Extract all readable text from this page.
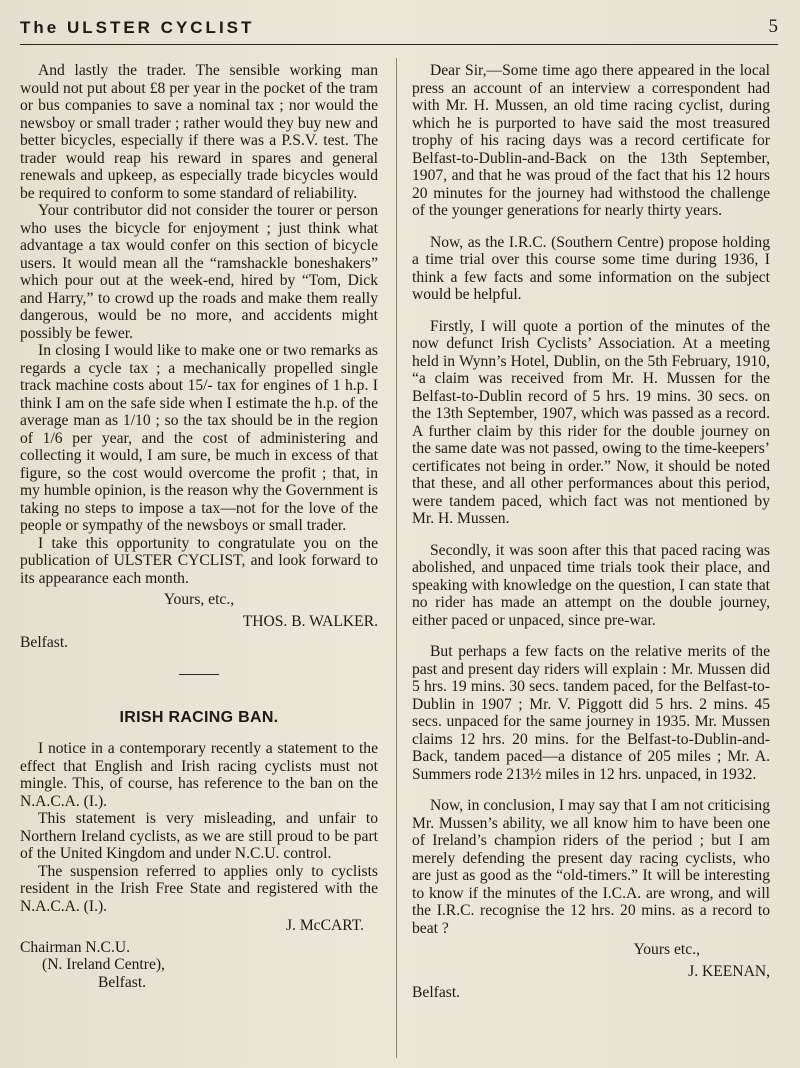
The ULSTER CYCLIST	5

And lastly the trader. The sensible working man would not put about £8 per year in the pocket of the tram or bus companies to save a nominal tax ; nor would the newsboy or small trader ; rather would they buy new and better bicycles, especially if there was a P.S.V. test. The trader would reap his reward in spares and general renewals and upkeep, as especially trade bicycles would be required to conform to some standard of reliability.

Your contributor did not consider the tourer or person who uses the bicycle for enjoyment ; just think what advantage a tax would confer on this section of bicycle users. It would mean all the “ramshackle boneshakers” which pour out at the week-end, hired by “Tom, Dick and Harry,” to crowd up the roads and make them really dangerous, would be no more, and accidents might possibly be fewer.

In closing I would like to make one or two remarks as regards a cycle tax ; a mechanically propelled single track machine costs about 15/- tax for engines of 1 h.p. I think I am on the safe side when I estimate the h.p. of the average man as 1/10 ; so the tax should be in the region of 1/6 per year, and the cost of administering and collecting it would, I am sure, be much in excess of that figure, so the cost would overcome the profit ; that, in my humble opinion, is the reason why the Government is taking no steps to impose a tax—not for the love of the people or sympathy of the newsboys or small trader.

I take this opportunity to congratulate you on the publication of ULSTER CYCLIST, and look forward to its appearance each month.

Yours, etc.,
THOS. B. WALKER.
Belfast.
IRISH RACING BAN.

I notice in a contemporary recently a statement to the effect that English and Irish racing cyclists must not mingle. This, of course, has reference to the ban on the N.A.C.A. (I.).

This statement is very misleading, and unfair to Northern Ireland cyclists, as we are still proud to be part of the United Kingdom and under N.C.U. control.

The suspension referred to applies only to cyclists resident in the Irish Free State and registered with the N.A.C.A. (I.).

J. McCART.
Chairman N.C.U.
(N. Ireland Centre),
Belfast.

Dear Sir,—Some time ago there appeared in the local press an account of an interview a correspondent had with Mr. H. Mussen, an old time racing cyclist, during which he is purported to have said the most treasured trophy of his racing days was a record certificate for Belfast-to-Dublin-and-Back on the 13th September, 1907, and that he was proud of the fact that his 12 hours 20 minutes for the journey had withstood the challenge of the younger generations for nearly thirty years.

Now, as the I.R.C. (Southern Centre) propose holding a time trial over this course some time during 1936, I think a few facts and some information on the subject would be helpful.

Firstly, I will quote a portion of the minutes of the now defunct Irish Cyclists’ Association. At a meeting held in Wynn’s Hotel, Dublin, on the 5th February, 1910, “a claim was received from Mr. H. Mussen for the Belfast-to-Dublin record of 5 hrs. 19 mins. 30 secs. on the 13th September, 1907, which was passed as a record. A further claim by this rider for the double journey on the same date was not passed, owing to the time-keepers’ certificates not being in order.” Now, it should be noted that these, and all other performances about this period, were tandem paced, which fact was not mentioned by Mr. H. Mussen.

Secondly, it was soon after this that paced racing was abolished, and unpaced time trials took their place, and speaking with knowledge on the question, I can state that no rider has made an attempt on the double journey, either paced or unpaced, since pre-war.

But perhaps a few facts on the relative merits of the past and present day riders will explain : Mr. Mussen did 5 hrs. 19 mins. 30 secs. tandem paced, for the Belfast-to-Dublin in 1907 ; Mr. V. Piggott did 5 hrs. 2 mins. 45 secs. unpaced for the same journey in 1935. Mr. Mussen claims 12 hrs. 20 mins. for the Belfast-to-Dublin-and-Back, tandem paced—a distance of 205 miles ; Mr. A. Summers rode 213½ miles in 12 hrs. unpaced, in 1932.

Now, in conclusion, I may say that I am not criticising Mr. Mussen’s ability, we all know him to have been one of Ireland’s champion riders of the period ; but I am merely defending the present day racing cyclists, who are just as good as the “old-timers.” It will be interesting to know if the minutes of the I.C.A. are wrong, and will the I.R.C. recognise the 12 hrs. 20 mins. as a record to beat ?

Yours etc.,
J. KEENAN,
Belfast.
